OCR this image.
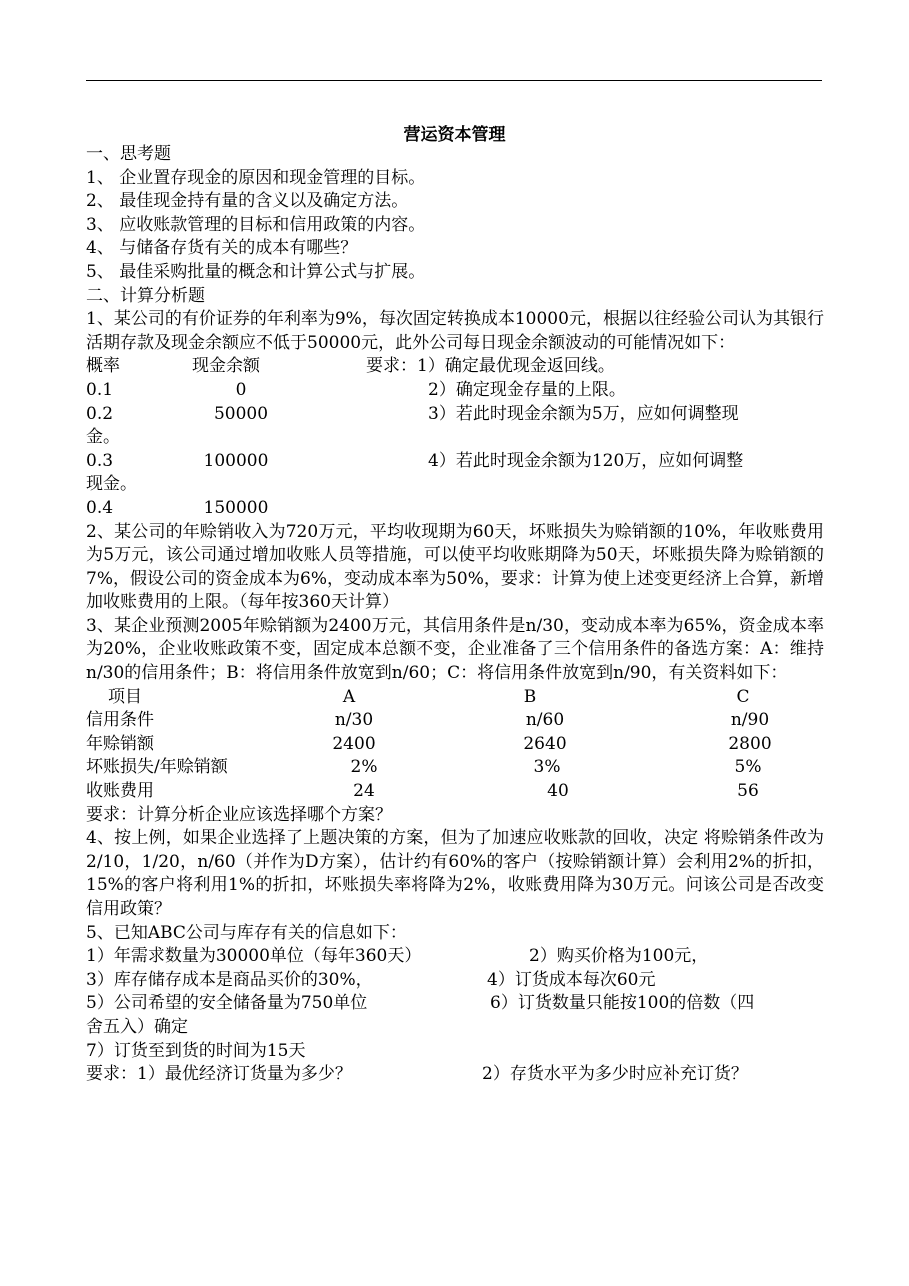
营运资本管理
一、思考题
1、 企业置存现金的原因和现金管理的目标。
2、 最佳现金持有量的含义以及确定方法。
3、 应收账款管理的目标和信用政策的内容。
4、 与储备存货有关的成本有哪些？
5、 最佳采购批量的概念和计算公式与扩展。
二、计算分析题
1、某公司的有价证券的年利率为9%，每次固定转换成本10000元，根据以往经验公司认为其银行活期存款及现金余额应不低于50000元，此外公司每日现金余额波动的可能情况如下：
概率	现金余额	要求：1）确定最优现金返回线。
0.1	0	2）确定现金存量的上限。
0.2	50000	3）若此时现金余额为5万，应如何调整现
金。
0.3	100000	4）若此时现金余额为120万，应如何调整
现金。
0.4	150000
2、某公司的年赊销收入为720万元，平均收现期为60天，坏账损失为赊销额的10%，年收账费用为5万元，该公司通过增加收账人员等措施，可以使平均收账期降为50天，坏账损失降为赊销额的7%，假设公司的资金成本为6%，变动成本率为50%，要求：计算为使上述变更经济上合算，新增加收账费用的上限。（每年按360天计算）
3、某企业预测2005年赊销额为2400万元，其信用条件是n/30，变动成本率为65%，资金成本率为20%，企业收账政策不变，固定成本总额不变，企业准备了三个信用条件的备选方案：A：维持n/30的信用条件；B：将信用条件放宽到n/60；C：将信用条件放宽到n/90，有关资料如下：
项目	A	B	C
信用条件	n/30	n/60	n/90
年赊销额	2400	2640	2800
坏账损失/年赊销额	2%	3%	5%
收账费用	24	40	56
要求：计算分析企业应该选择哪个方案？
4、按上例，如果企业选择了上题决策的方案，但为了加速应收账款的回收，决定 将赊销条件改为2/10，1/20，n/60（并作为D方案），估计约有60%的客户（按赊销额计算）会利用2%的折扣，15%的客户将利用1%的折扣，坏账损失率将降为2%，收账费用降为30万元。问该公司是否改变信用政策？
5、已知ABC公司与库存有关的信息如下：
1）年需求数量为30000单位（每年360天）	2）购买价格为100元，
3）库存储存成本是商品买价的30%，	4）订货成本每次60元
5）公司希望的安全储备量为750单位	6）订货数量只能按100的倍数（四
舍五入）确定
7）订货至到货的时间为15天
要求：1）最优经济订货量为多少？	2）存货水平为多少时应补充订货？
